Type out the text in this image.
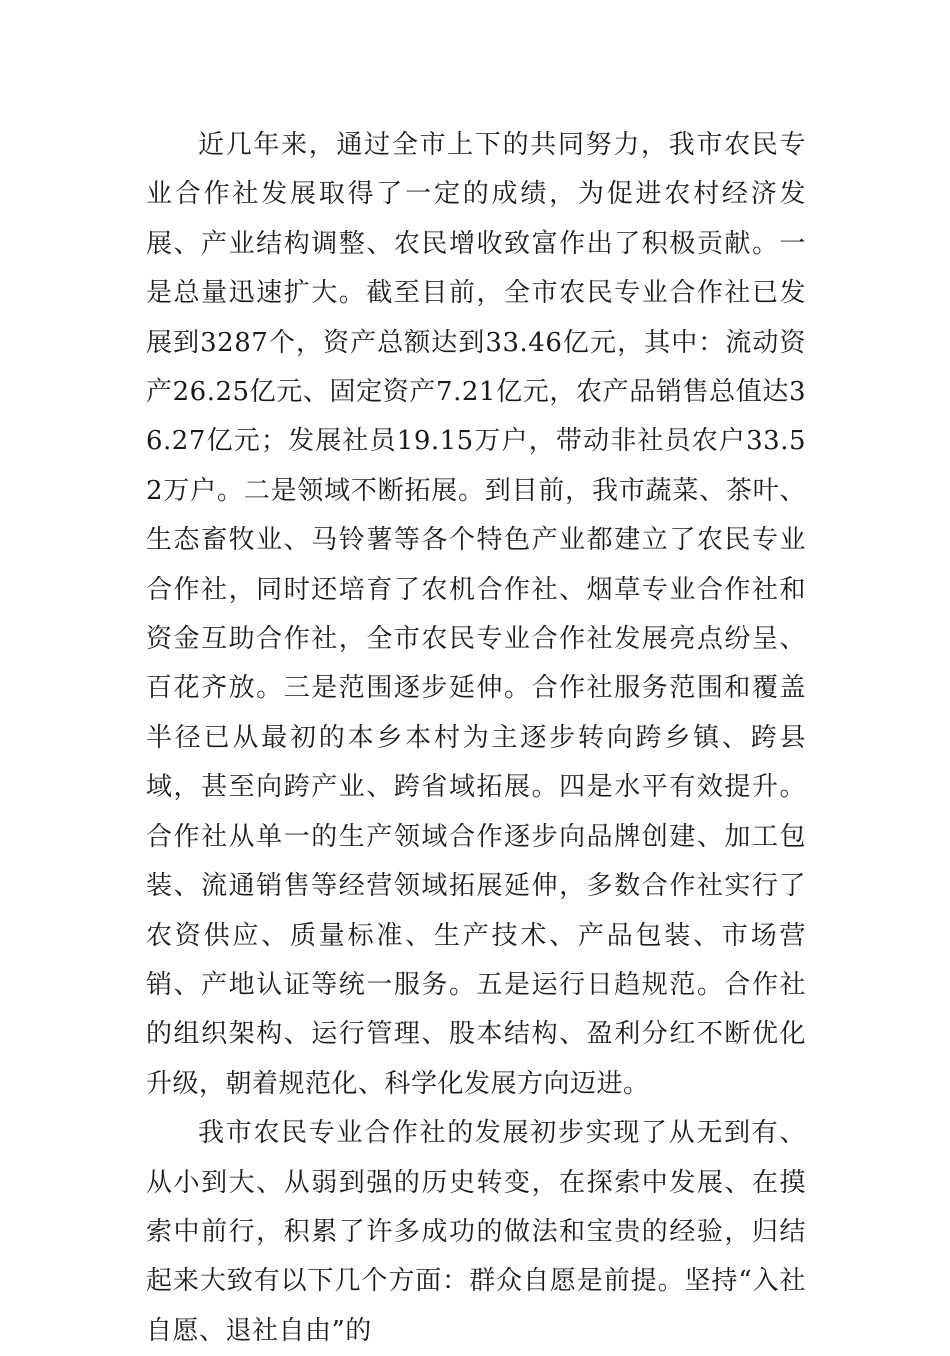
近几年来，通过全市上下的共同努力，我市农民专业合作社发展取得了一定的成绩，为促进农村经济发展、产业结构调整、农民增收致富作出了积极贡献。一是总量迅速扩大。截至目前，全市农民专业合作社已发展到3287个，资产总额达到33.46亿元，其中：流动资产26.25亿元、固定资产7.21亿元，农产品销售总值达36.27亿元；发展社员19.15万户，带动非社员农户33.52万户。二是领域不断拓展。到目前，我市蔬菜、茶叶、生态畜牧业、马铃薯等各个特色产业都建立了农民专业合作社，同时还培育了农机合作社、烟草专业合作社和资金互助合作社，全市农民专业合作社发展亮点纷呈、百花齐放。三是范围逐步延伸。合作社服务范围和覆盖半径已从最初的本乡本村为主逐步转向跨乡镇、跨县域，甚至向跨产业、跨省域拓展。四是水平有效提升。合作社从单一的生产领域合作逐步向品牌创建、加工包装、流通销售等经营领域拓展延伸，多数合作社实行了农资供应、质量标准、生产技术、产品包装、市场营销、产地认证等统一服务。五是运行日趋规范。合作社的组织架构、运行管理、股本结构、盈利分红不断优化升级，朝着规范化、科学化发展方向迈进。

我市农民专业合作社的发展初步实现了从无到有、从小到大、从弱到强的历史转变，在探索中发展、在摸索中前行，积累了许多成功的做法和宝贵的经验，归结起来大致有以下几个方面：群众自愿是前提。坚持“入社自愿、退社自由”的
